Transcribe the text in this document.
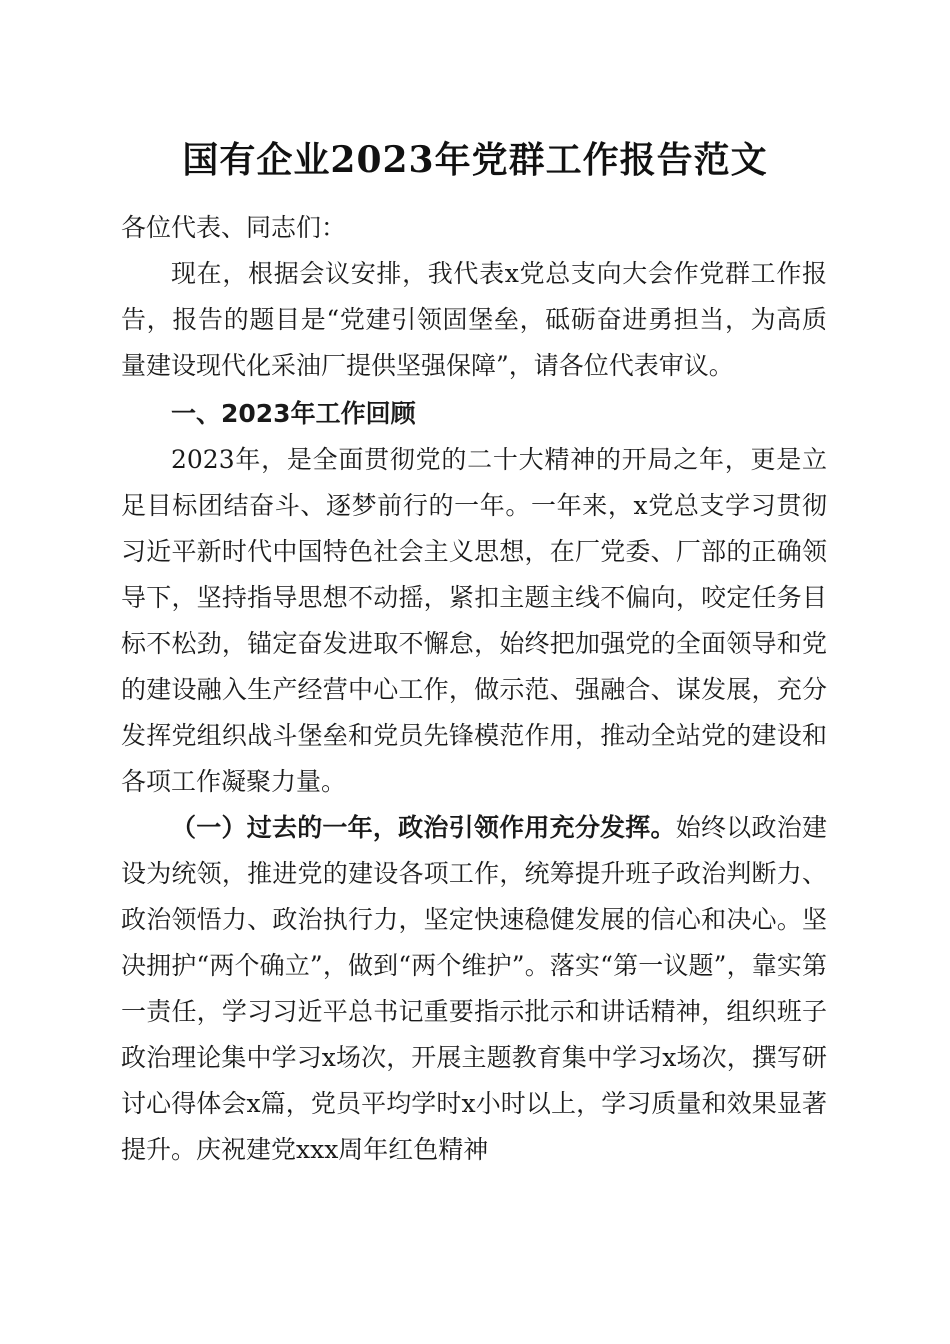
国有企业2023年党群工作报告范文

各位代表、同志们：

现在，根据会议安排，我代表x党总支向大会作党群工作报告，报告的题目是“党建引领固堡垒，砥砺奋进勇担当，为高质量建设现代化采油厂提供坚强保障”，请各位代表审议。

一、2023年工作回顾

2023年，是全面贯彻党的二十大精神的开局之年，更是立足目标团结奋斗、逐梦前行的一年。一年来，x党总支学习贯彻习近平新时代中国特色社会主义思想，在厂党委、厂部的正确领导下，坚持指导思想不动摇，紧扣主题主线不偏向，咬定任务目标不松劲，锚定奋发进取不懈怠，始终把加强党的全面领导和党的建设融入生产经营中心工作，做示范、强融合、谋发展，充分发挥党组织战斗堡垒和党员先锋模范作用，推动全站党的建设和各项工作凝聚力量。

（一）过去的一年，政治引领作用充分发挥。始终以政治建设为统领，推进党的建设各项工作，统筹提升班子政治判断力、政治领悟力、政治执行力，坚定快速稳健发展的信心和决心。坚决拥护“两个确立”，做到“两个维护”。落实“第一议题”，靠实第一责任，学习习近平总书记重要指示批示和讲话精神，组织班子政治理论集中学习x场次，开展主题教育集中学习x场次，撰写研讨心得体会x篇，党员平均学时x小时以上，学习质量和效果显著提升。庆祝建党xxx周年红色精神
